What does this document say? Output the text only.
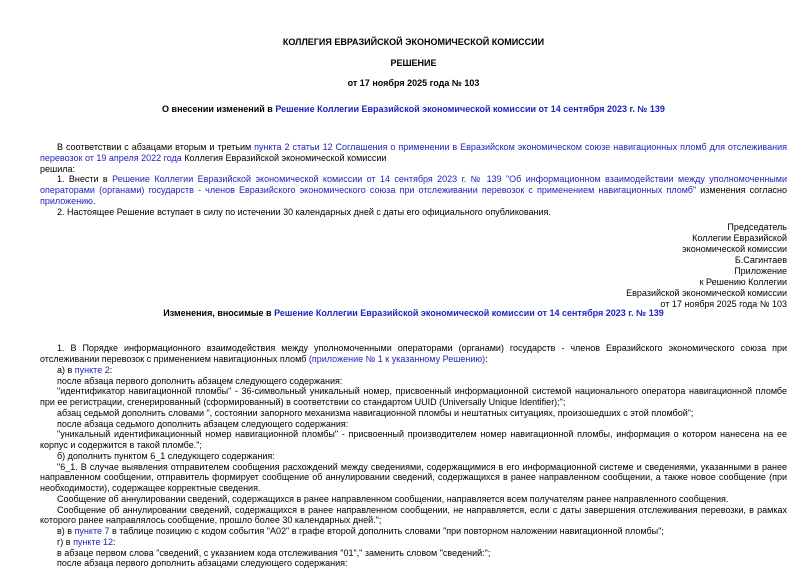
КОЛЛЕГИЯ ЕВРАЗИЙСКОЙ ЭКОНОМИЧЕСКОЙ КОМИССИИ
РЕШЕНИЕ
от 17 ноября 2025 года № 103
О внесении изменений в Решение Коллегии Евразийской экономической комиссии от 14 сентября 2023 г. № 139

В соответствии с абзацами вторым и третьим пункта 2 статьи 12 Соглашения о применении в Евразийском экономическом союзе навигационных пломб для отслеживания перевозок от 19 апреля 2022 года Коллегия Евразийской экономической комиссии

решила:

1. Внести в Решение Коллегии Евразийской экономической комиссии от 14 сентября 2023 г. № 139 "Об информационном взаимодействии между уполномоченными операторами (органами) государств - членов Евразийского экономического союза при отслеживании перевозок с применением навигационных пломб" изменения согласно приложению.

2. Настоящее Решение вступает в силу по истечении 30 календарных дней с даты его официального опубликования.

Председатель
Коллегии Евразийской
экономической комиссии
Б.Сагинтаев
Приложение
к Решению Коллегии
Евразийской экономической комиссии
от 17 ноября 2025 года № 103
Изменения, вносимые в Решение Коллегии Евразийской экономической комиссии от 14 сентября 2023 г. № 139

1. В Порядке информационного взаимодействия между уполномоченными операторами (органами) государств - членов Евразийского экономического союза при отслеживании перевозок с применением навигационных пломб (приложение № 1 к указанному Решению):

а) в пункте 2:

после абзаца первого дополнить абзацем следующего содержания:

"идентификатор навигационной пломбы" - 36-символьный уникальный номер, присвоенный информационной системой национального оператора навигационной пломбе при ее регистрации, сгенерированный (сформированный) в соответствии со стандартом UUID (Universally Unique Identifier);";

абзац седьмой дополнить словами ", состоянии запорного механизма навигационной пломбы и нештатных ситуациях, произошедших с этой пломбой";

после абзаца седьмого дополнить абзацем следующего содержания:

"уникальный идентификационный номер навигационной пломбы" - присвоенный производителем номер навигационной пломбы, информация о котором нанесена на ее корпус и содержится в такой пломбе.";

б) дополнить пунктом 6_1 следующего содержания:

"6_1. В случае выявления отправителем сообщения расхождений между сведениями, содержащимися в его информационной системе и сведениями, указанными в ранее направленном сообщении, отправитель формирует сообщение об аннулировании сведений, содержащихся в ранее направленном сообщении, а также новое сообщение (при необходимости), содержащее корректные сведения.

Сообщение об аннулировании сведений, содержащихся в ранее направленном сообщении, направляется всем получателям ранее направленного сообщения.

Сообщение об аннулировании сведений, содержащихся в ранее направленном сообщении, не направляется, если с даты завершения отслеживания перевозки, в рамках которого ранее направлялось сообщение, прошло более 30 календарных дней.";

в) в пункте 7 в таблице позицию с кодом события "А02" в графе второй дополнить словами "при повторном наложении навигационной пломбы";

г) в пункте 12:

в абзаце первом слова "сведений, с указанием кода отслеживания "01"," заменить словом "сведений:";

после абзаца первого дополнить абзацами следующего содержания:
